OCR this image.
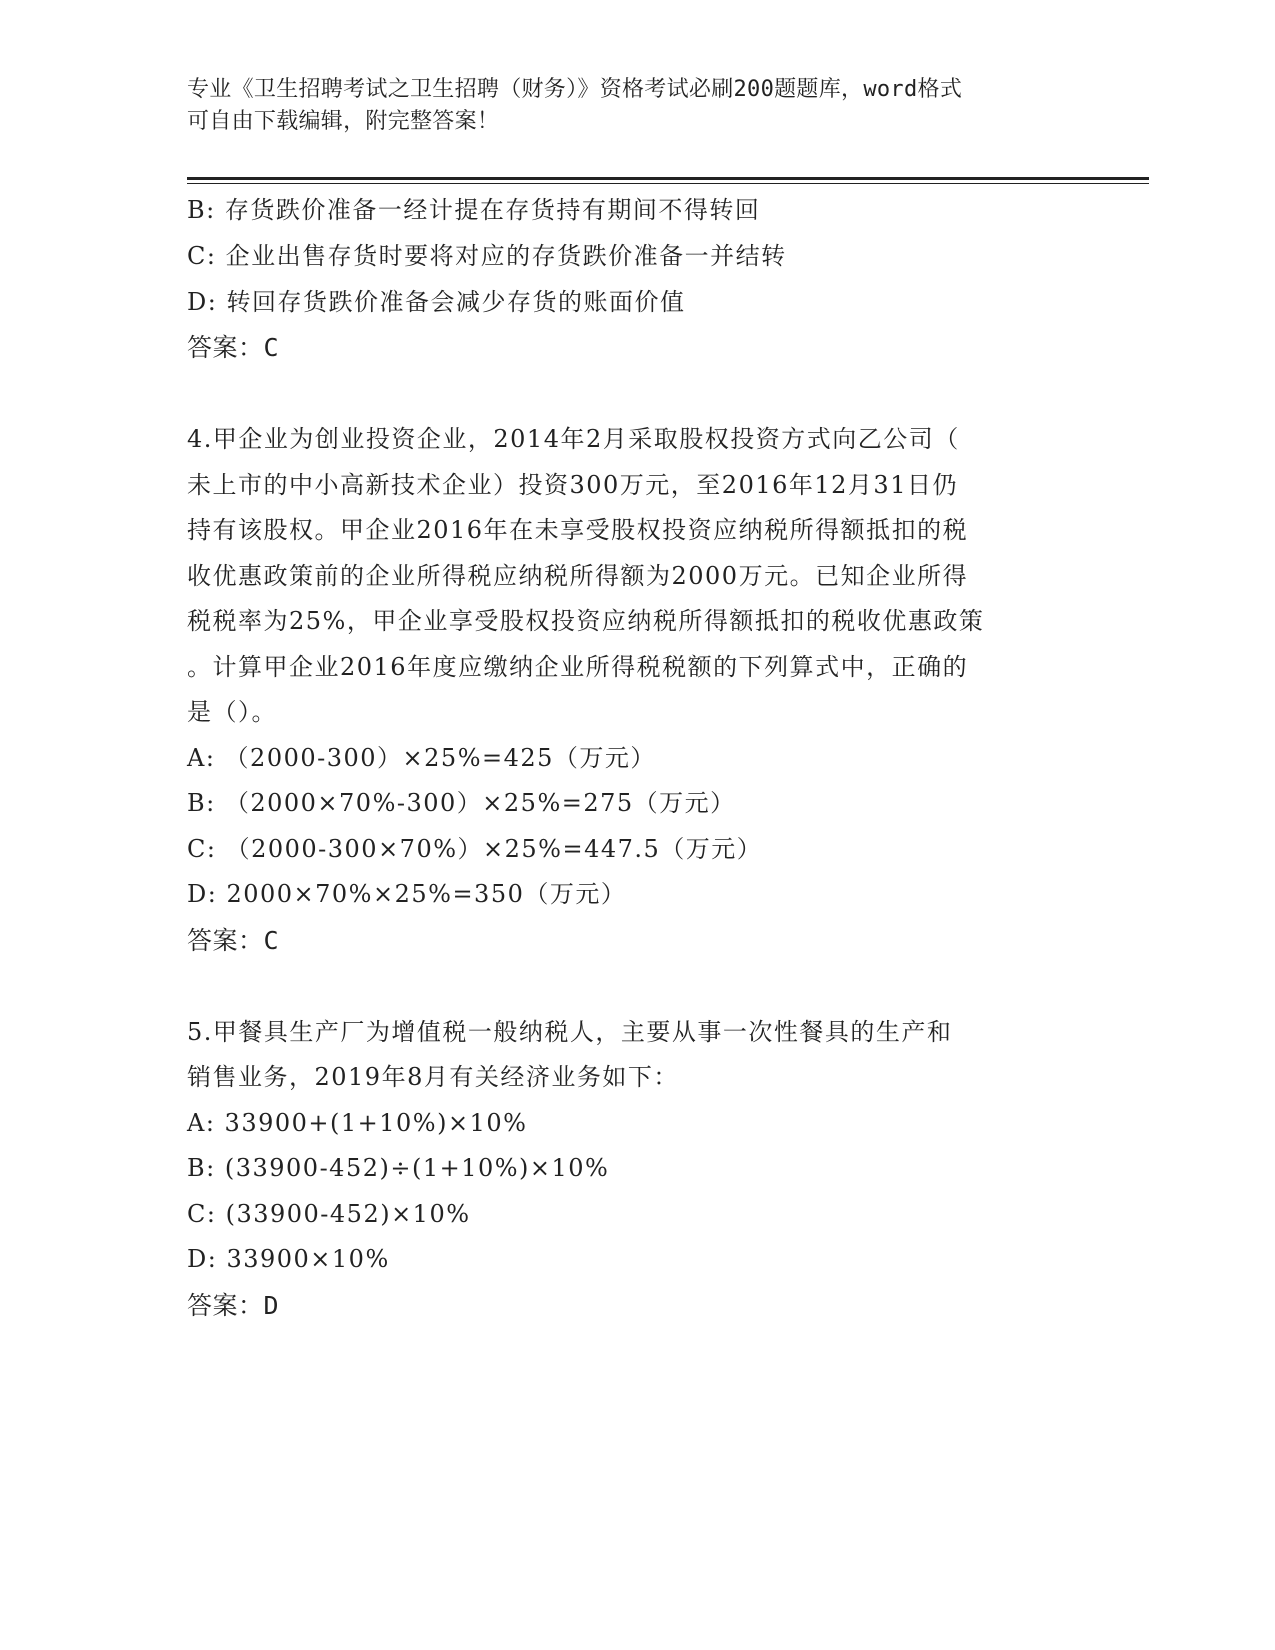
专业《卫生招聘考试之卫生招聘（财务）》资格考试必刷200题题库，word格式
可自由下载编辑，附完整答案！
B: 存货跌价准备一经计提在存货持有期间不得转回
C: 企业出售存货时要将对应的存货跌价准备一并结转
D: 转回存货跌价准备会减少存货的账面价值
答案：C
4.甲企业为创业投资企业，2014年2月采取股权投资方式向乙公司（
未上市的中小高新技术企业）投资300万元，至2016年12月31日仍
持有该股权。甲企业2016年在未享受股权投资应纳税所得额抵扣的税
收优惠政策前的企业所得税应纳税所得额为2000万元。已知企业所得
税税率为25%，甲企业享受股权投资应纳税所得额抵扣的税收优惠政策
。计算甲企业2016年度应缴纳企业所得税税额的下列算式中，正确的
是（）。
A: （2000-300）×25%=425（万元）
B: （2000×70%-300）×25%=275（万元）
C: （2000-300×70%）×25%=447.5（万元）
D: 2000×70%×25%=350（万元）
答案：C
5.甲餐具生产厂为增值税一般纳税人，主要从事一次性餐具的生产和
销售业务，2019年8月有关经济业务如下：
A: 33900+(1+10%)×10%
B: (33900-452)÷(1+10%)×10%
C: (33900-452)×10%
D: 33900×10%
答案：D
